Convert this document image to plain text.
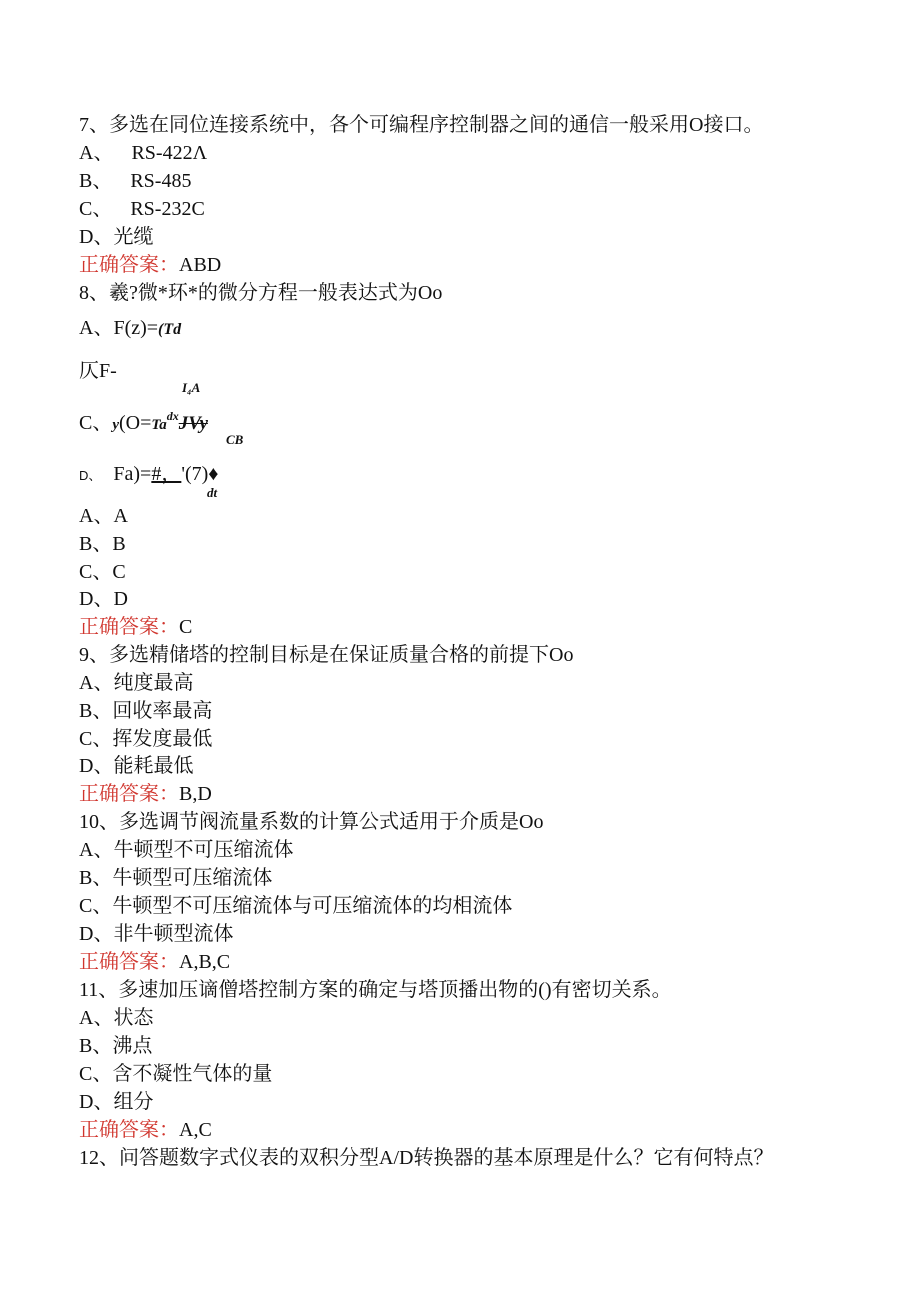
7、多选在同位连接系统中，各个可编程序控制器之间的通信一般采用O接口。
A、 RS-422Λ
B、 RS-485
C、 RS-232C
D、光缆
正确答案：ABD
8、羲?微*环*的微分方程一般表达式为Oo
A、F(z)=(Td
仄F-
I₄A
C、$y(O=Ta^{dx}JVy$
CB
D、 Fa)=#，'(7)♦
dt
A、A
B、B
C、C
D、D
正确答案：C
9、多选精储塔的控制目标是在保证质量合格的前提下Oo
A、纯度最高
B、回收率最高
C、挥发度最低
D、能耗最低
正确答案：B,D
10、多选调节阀流量系数的计算公式适用于介质是Oo
A、牛顿型不可压缩流体
B、牛顿型可压缩流体
C、牛顿型不可压缩流体与可压缩流体的均相流体
D、非牛顿型流体
正确答案：A,B,C
11、多速加压谪僧塔控制方案的确定与塔顶播出物的()有密切关系。
A、状态
B、沸点
C、含不凝性气体的量
D、组分
正确答案：A,C
12、问答题数字式仪表的双积分型A/D转换器的基本原理是什么？它有何特点？
